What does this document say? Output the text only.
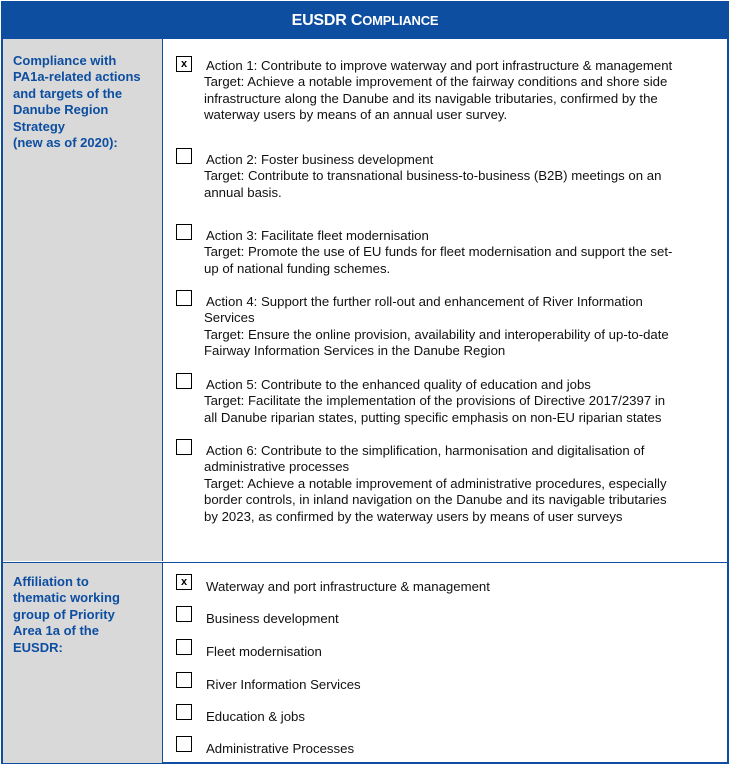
EUSDR COMPLIANCE
Compliance with
PA1a-related actions
and targets of the
Danube Region
Strategy
(new as of 2020):
x	Action 1: Contribute to improve waterway and port infrastructure & management
Target: Achieve a notable improvement of the fairway conditions and shore side
infrastructure along the Danube and its navigable tributaries, confirmed by the
waterway users by means of an annual user survey.
Action 2: Foster business development
Target: Contribute to transnational business-to-business (B2B) meetings on an
annual basis.
Action 3: Facilitate fleet modernisation
Target: Promote the use of EU funds for fleet modernisation and support the set-
up of national funding schemes.
Action 4: Support the further roll-out and enhancement of River Information
Services
Target: Ensure the online provision, availability and interoperability of up-to-date
Fairway Information Services in the Danube Region
Action 5: Contribute to the enhanced quality of education and jobs
Target: Facilitate the implementation of the provisions of Directive 2017/2397 in
all Danube riparian states, putting specific emphasis on non-EU riparian states
Action 6: Contribute to the simplification, harmonisation and digitalisation of
administrative processes
Target: Achieve a notable improvement of administrative procedures, especially
border controls, in inland navigation on the Danube and its navigable tributaries
by 2023, as confirmed by the waterway users by means of user surveys
Affiliation to
thematic working
group of Priority
Area 1a of the
EUSDR:
x	Waterway and port infrastructure & management
Business development
Fleet modernisation
River Information Services
Education & jobs
Administrative Processes
